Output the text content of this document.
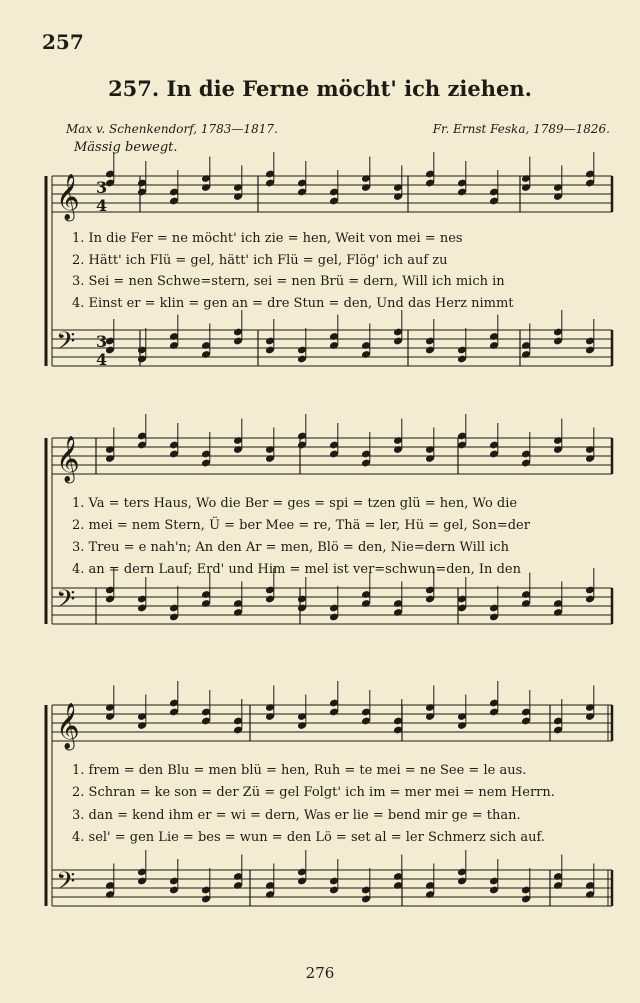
257
257. In die Ferne möcht' ich ziehen.
Max v. Schenkendorf, 1783—1817.	Fr. Ernst Feska, 1789—1826.
Mässig bewegt.
𝄞
𝄢
𝄞
𝄢
𝄞
𝄢
3
4
3
4
1. In die Fer = ne möcht' ich zie = hen, Weit von mei = nes
2. Hätt' ich Flü = gel, hätt' ich Flü = gel, Flög' ich auf zu
3. Sei = nen Schwe=stern, sei = nen Brü = dern, Will ich mich in
4. Einst er = klin = gen an = dre Stun = den, Und das Herz nimmt
1. Va = ters Haus, Wo die Ber = ges = spi = tzen glü = hen, Wo die
2. mei = nem Stern, Ü = ber Mee = re, Thä = ler, Hü = gel, Son=der
3. Treu = e nah'n; An den Ar = men, Blö = den, Nie=dern Will ich
4. an = dern Lauf; Erd' und Him = mel ist ver=schwun=den, In den
1. frem = den Blu = men blü = hen, Ruh = te mei = ne See = le aus.
2. Schran = ke son = der Zü = gel Folgt' ich im = mer mei = nem Herrn.
3. dan = kend ihm er = wi = dern, Was er lie = bend mir ge = than.
4. sel' = gen Lie = bes = wun = den Lö = set al = ler Schmerz sich auf.
276
